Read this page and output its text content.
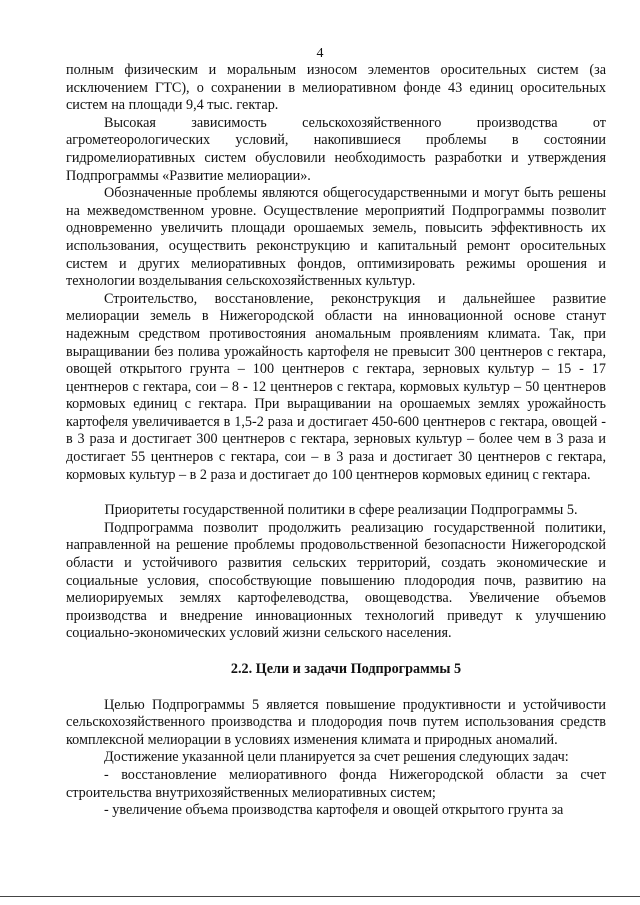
4

полным физическим и моральным износом элементов оросительных систем (за исключением ГТС), о сохранении в мелиоративном фонде 43 единиц оросительных систем на площади 9,4 тыс. гектар.

Высокая зависимость сельскохозяйственного производства от агрометеорологических условий, накопившиеся проблемы в состоянии гидромелиоративных систем обусловили необходимость разработки и утверждения Подпрограммы «Развитие мелиорации».

Обозначенные проблемы являются общегосударственными и могут быть решены на межведомственном уровне. Осуществление мероприятий Подпрограммы позволит одновременно увеличить площади орошаемых земель, повысить эффективность их использования, осуществить реконструкцию и капитальный ремонт оросительных систем и других мелиоративных фондов, оптимизировать режимы орошения и технологии возделывания сельскохозяйственных культур.

Строительство, восстановление, реконструкция и дальнейшее развитие мелиорации земель в Нижегородской области на инновационной основе станут надежным средством противостояния аномальным проявлениям климата. Так, при выращивании без полива урожайность картофеля не превысит 300 центнеров с гектара, овощей открытого грунта – 100 центнеров с гектара, зерновых культур – 15 - 17 центнеров с гектара, сои – 8 - 12 центнеров с гектара, кормовых культур – 50 центнеров кормовых единиц с гектара. При выращивании на орошаемых землях урожайность картофеля увеличивается в 1,5-2 раза и достигает 450-600 центнеров с гектара, овощей - в 3 раза и достигает 300 центнеров с гектара, зерновых культур – более чем в 3 раза и достигает 55 центнеров с гектара, сои – в 3 раза и достигает 30 центнеров с гектара, кормовых культур – в 2 раза и достигает до 100 центнеров кормовых единиц с гектара.

Приоритеты государственной политики в сфере реализации Подпрограммы 5.

Подпрограмма позволит продолжить реализацию государственной политики, направленной на решение проблемы продовольственной безопасности Нижегородской области и устойчивого развития сельских территорий, создать экономические и социальные условия, способствующие повышению плодородия почв, развитию на мелиорируемых землях картофелеводства, овощеводства. Увеличение объемов производства и внедрение инновационных технологий приведут к улучшению социально-экономических условий жизни сельского населения.

2.2. Цели и задачи Подпрограммы 5

Целью Подпрограммы 5 является повышение продуктивности и устойчивости сельскохозяйственного производства и плодородия почв путем использования средств комплексной мелиорации в условиях изменения климата и природных аномалий.

Достижение указанной цели планируется за счет решения следующих задач:

- восстановление мелиоративного фонда Нижегородской области за счет строительства внутрихозяйственных мелиоративных систем;

- увеличение объема производства картофеля и овощей открытого грунта за
